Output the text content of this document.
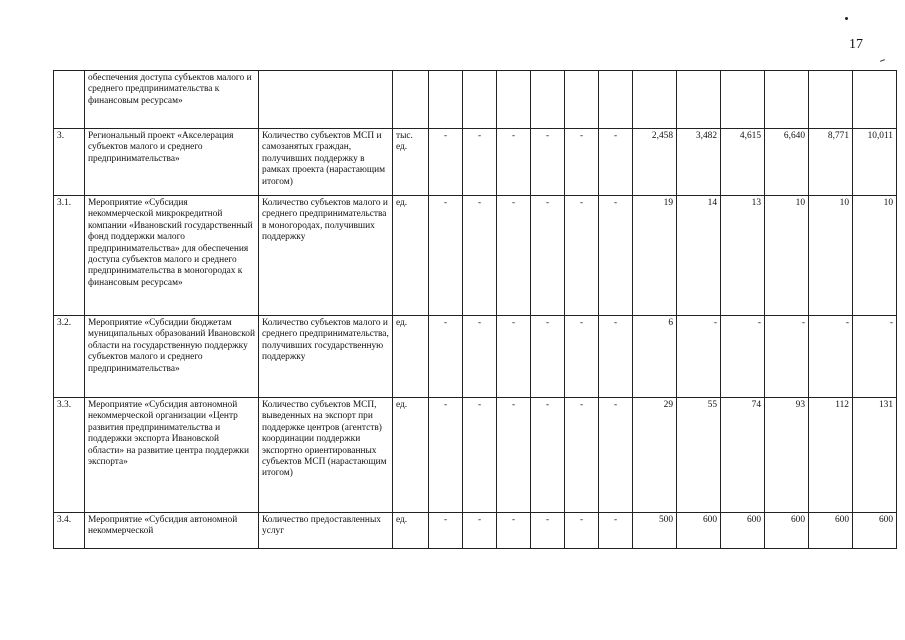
17
	обеспечения доступа субъектов малого и среднего предпринимательства к финансовым ресурсам»														
3.	Региональный проект «Акселерация субъектов малого и среднего предпринимательства»	Количество субъектов МСП и самозанятых граждан, получивших поддержку в рамках проекта (нарастающим итогом)	тыс. ед.	-	-	-	-	-	-	2,458	3,482	4,615	6,640	8,771	10,011
3.1.	Мероприятие «Субсидия некоммерческой микрокредитной компании «Ивановский государственный фонд поддержки малого предпринимательства» для обеспечения доступа субъектов малого и среднего предпринимательства в моногородах к финансовым ресурсам»	Количество субъектов малого и среднего предпринимательства в моногородах, получивших поддержку	ед.	-	-	-	-	-	-	19	14	13	10	10	10
3.2.	Мероприятие «Субсидии бюджетам муниципальных образований Ивановской области на государственную поддержку субъектов малого и среднего предпринимательства»	Количество субъектов малого и среднего предпринимательства, получивших государственную поддержку	ед.	-	-	-	-	-	-	6	-	-	-	-	-
3.3.	Мероприятие «Субсидия автономной некоммерческой организации «Центр развития предпринимательства и поддержки экспорта Ивановской области» на развитие центра поддержки экспорта»	Количество субъектов МСП, выведенных на экспорт при поддержке центров (агентств) координации поддержки экспортно ориентированных субъектов МСП (нарастающим итогом)	ед.	-	-	-	-	-	-	29	55	74	93	112	131
3.4.	Мероприятие «Субсидия автономной некоммерческой	Количество предоставленных услуг	ед.	-	-	-	-	-	-	500	600	600	600	600	600
